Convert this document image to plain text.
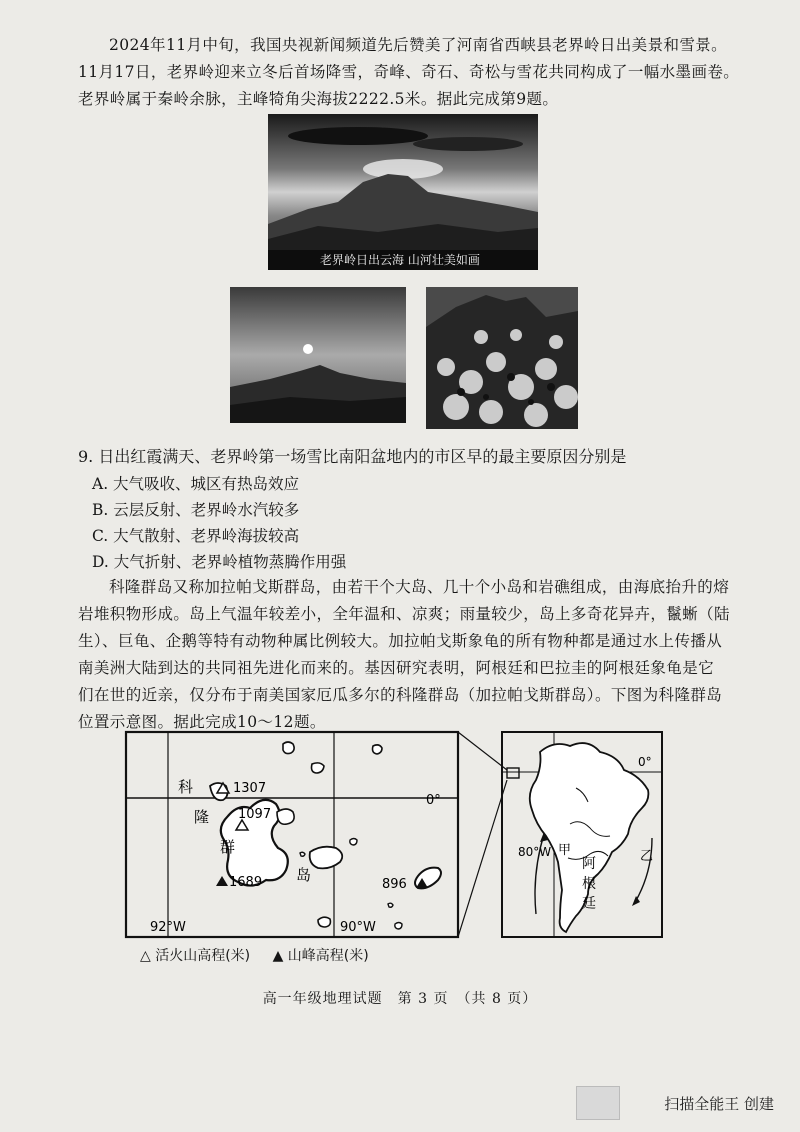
2024年11月中旬，我国央视新闻频道先后赞美了河南省西峡县老界岭日出美景和雪景。

11月17日，老界岭迎来立冬后首场降雪，奇峰、奇石、奇松与雪花共同构成了一幅水墨画卷。

老界岭属于秦岭余脉，主峰犄角尖海拔2222.5米。据此完成第9题。

老界岭日出云海 山河壮美如画

9. 日出红霞满天、老界岭第一场雪比南阳盆地内的市区早的最主要原因分别是

A. 大气吸收、城区有热岛效应

B. 云层反射、老界岭水汽较多

C. 大气散射、老界岭海拔较高

D. 大气折射、老界岭植物蒸腾作用强

科隆群岛又称加拉帕戈斯群岛，由若干个大岛、几十个小岛和岩礁组成，由海底抬升的熔

岩堆积物形成。岛上气温年较差小，全年温和、凉爽；雨量较少，岛上多奇花异卉，鬣蜥（陆

生）、巨龟、企鹅等特有动物种属比例较大。加拉帕戈斯象龟的所有物种都是通过水上传播从

南美洲大陆到达的共同祖先进化而来的。基因研究表明，阿根廷和巴拉圭的阿根廷象龟是它

们在世的近亲，仅分布于南美国家厄瓜多尔的科隆群岛（加拉帕戈斯群岛）。下图为科隆群岛

位置示意图。据此完成10～12题。

1307
1097
1689	896
科
隆
群
岛
0°
92°W	90°W
0°
80°W 甲	乙
阿
根
廷
△ 活火山高程(米) ▲ 山峰高程(米)
高一年级地理试题　第 3 页　（共 8 页）
扫描全能王 创建
